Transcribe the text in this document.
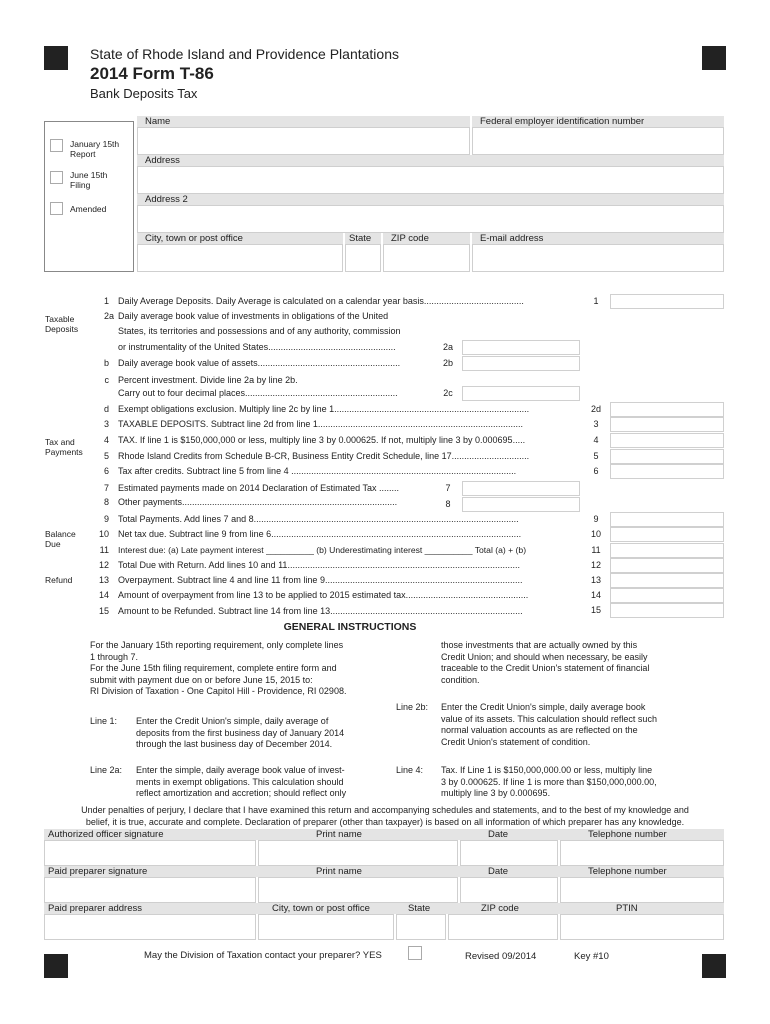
State of Rhode Island and Providence Plantations
2014 Form T-86
Bank Deposits Tax
January 15th Report
June 15th Filing
Amended
Name	Federal employer identification number
Address
Address 2
City, town or post office	State	ZIP code	E-mail address
Taxable Deposits
Tax and Payments
Balance Due
Refund
1 Daily Average Deposits. Daily Average is calculated on a calendar year basis........................................	1
2a Daily average book value of investments in obligations of the United
States, its territories and possessions and of any authority, commission
or instrumentality of the United States...................................................	2a
b Daily average book value of assets.........................................................	2b
c Percent investment. Divide line 2a by line 2b.
Carry out to four decimal places.............................................................	2c
d Exempt obligations exclusion. Multiply line 2c by line 1..............................................................................	2d
3 TAXABLE DEPOSITS. Subtract line 2d from line 1..................................................................................	3
4 TAX. If line 1 is $150,000,000 or less, multiply line 3 by 0.000625. If not, multiply line 3 by 0.000695.....	4
5 Rhode Island Credits from Schedule B-CR, Business Entity Credit Schedule, line 17...............................	5
6 Tax after credits. Subtract line 5 from line 4 ..........................................................................................	6
7 Estimated payments made on 2014 Declaration of Estimated Tax ........	7
8 Other payments......................................................................................	8
9 Total Payments. Add lines 7 and 8..........................................................................................................	9
10 Net tax due. Subtract line 9 from line 6....................................................................................................	10
11 Interest due: (a) Late payment interest __________ (b) Underestimating interest __________ Total (a) + (b)	11
12 Total Due with Return. Add lines 10 and 11.............................................................................................	12
13 Overpayment. Subtract line 4 and line 11 from line 9...............................................................................	13
14 Amount of overpayment from line 13 to be applied to 2015 estimated tax.................................................	14
15 Amount to be Refunded. Subtract line 14 from line 13.............................................................................	15
GENERAL INSTRUCTIONS
For the January 15th reporting requirement, only complete lines
1 through 7.
For the June 15th filing requirement, complete entire form and
submit with payment due on or before June 15, 2015 to:
RI Division of Taxation - One Capitol Hill - Providence, RI 02908.
Line 1: Enter the Credit Union's simple, daily average of
deposits from the first business day of January 2014
through the last business day of December 2014.
Line 2a: Enter the simple, daily average book value of invest-
ments in exempt obligations. This calculation should
reflect amortization and accretion; should reflect only
those investments that are actually owned by this
Credit Union; and should when necessary, be easily
traceable to the Credit Union's statement of financial
condition.
Line 2b: Enter the Credit Union's simple, daily average book
value of its assets. This calculation should reflect such
normal valuation accounts as are reflected on the
Credit Union's statement of condition.
Line 4: Tax. If Line 1 is $150,000,000.00 or less, multiply line
3 by 0.000625. If line 1 is more than $150,000,000.00,
multiply line 3 by 0.000695.
Under penalties of perjury, I declare that I have examined this return and accompanying schedules and statements, and to the best of my knowledge and
belief, it is true, accurate and complete. Declaration of preparer (other than taxpayer) is based on all information of which preparer has any knowledge.
Authorized officer signature	Print name	Date	Telephone number
Paid preparer signature	Print name	Date	Telephone number
Paid preparer address	City, town or post office	State	ZIP code	PTIN
May the Division of Taxation contact your preparer? YES	Revised 09/2014	Key #10
